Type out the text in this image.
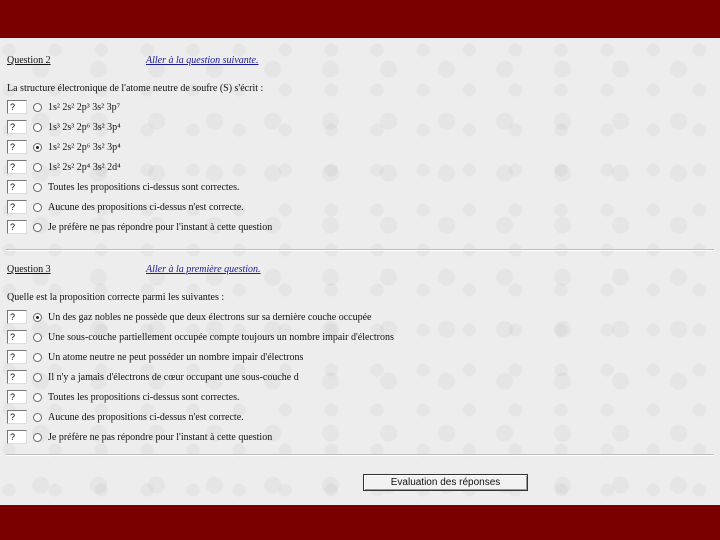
Question 2	Aller à la question suivante.
La structure électronique de l'atome neutre de soufre (S) s'écrit :
?	1s² 2s² 2p³ 3s² 3p⁷
?	1s³ 2s³ 2p⁶ 3s² 3p⁴
?	1s² 2s² 2p⁶ 3s² 3p⁴
?	1s² 2s² 2p⁴ 3s² 2d⁴
?	Toutes les propositions ci-dessus sont correctes.
?	Aucune des propositions ci-dessus n'est correcte.
?	Je préfère ne pas répondre pour l'instant à cette question
Question 3	Aller à la première question.
Quelle est la proposition correcte parmi les suivantes :
?	Un des gaz nobles ne possède que deux électrons sur sa dernière couche occupée
?	Une sous-couche partiellement occupée compte toujours un nombre impair d'électrons
?	Un atome neutre ne peut posséder un nombre impair d'électrons
?	Il n'y a jamais d'électrons de cœur occupant une sous-couche d
?	Toutes les propositions ci-dessus sont correctes.
?	Aucune des propositions ci-dessus n'est correcte.
?	Je préfère ne pas répondre pour l'instant à cette question
Evaluation des réponses
